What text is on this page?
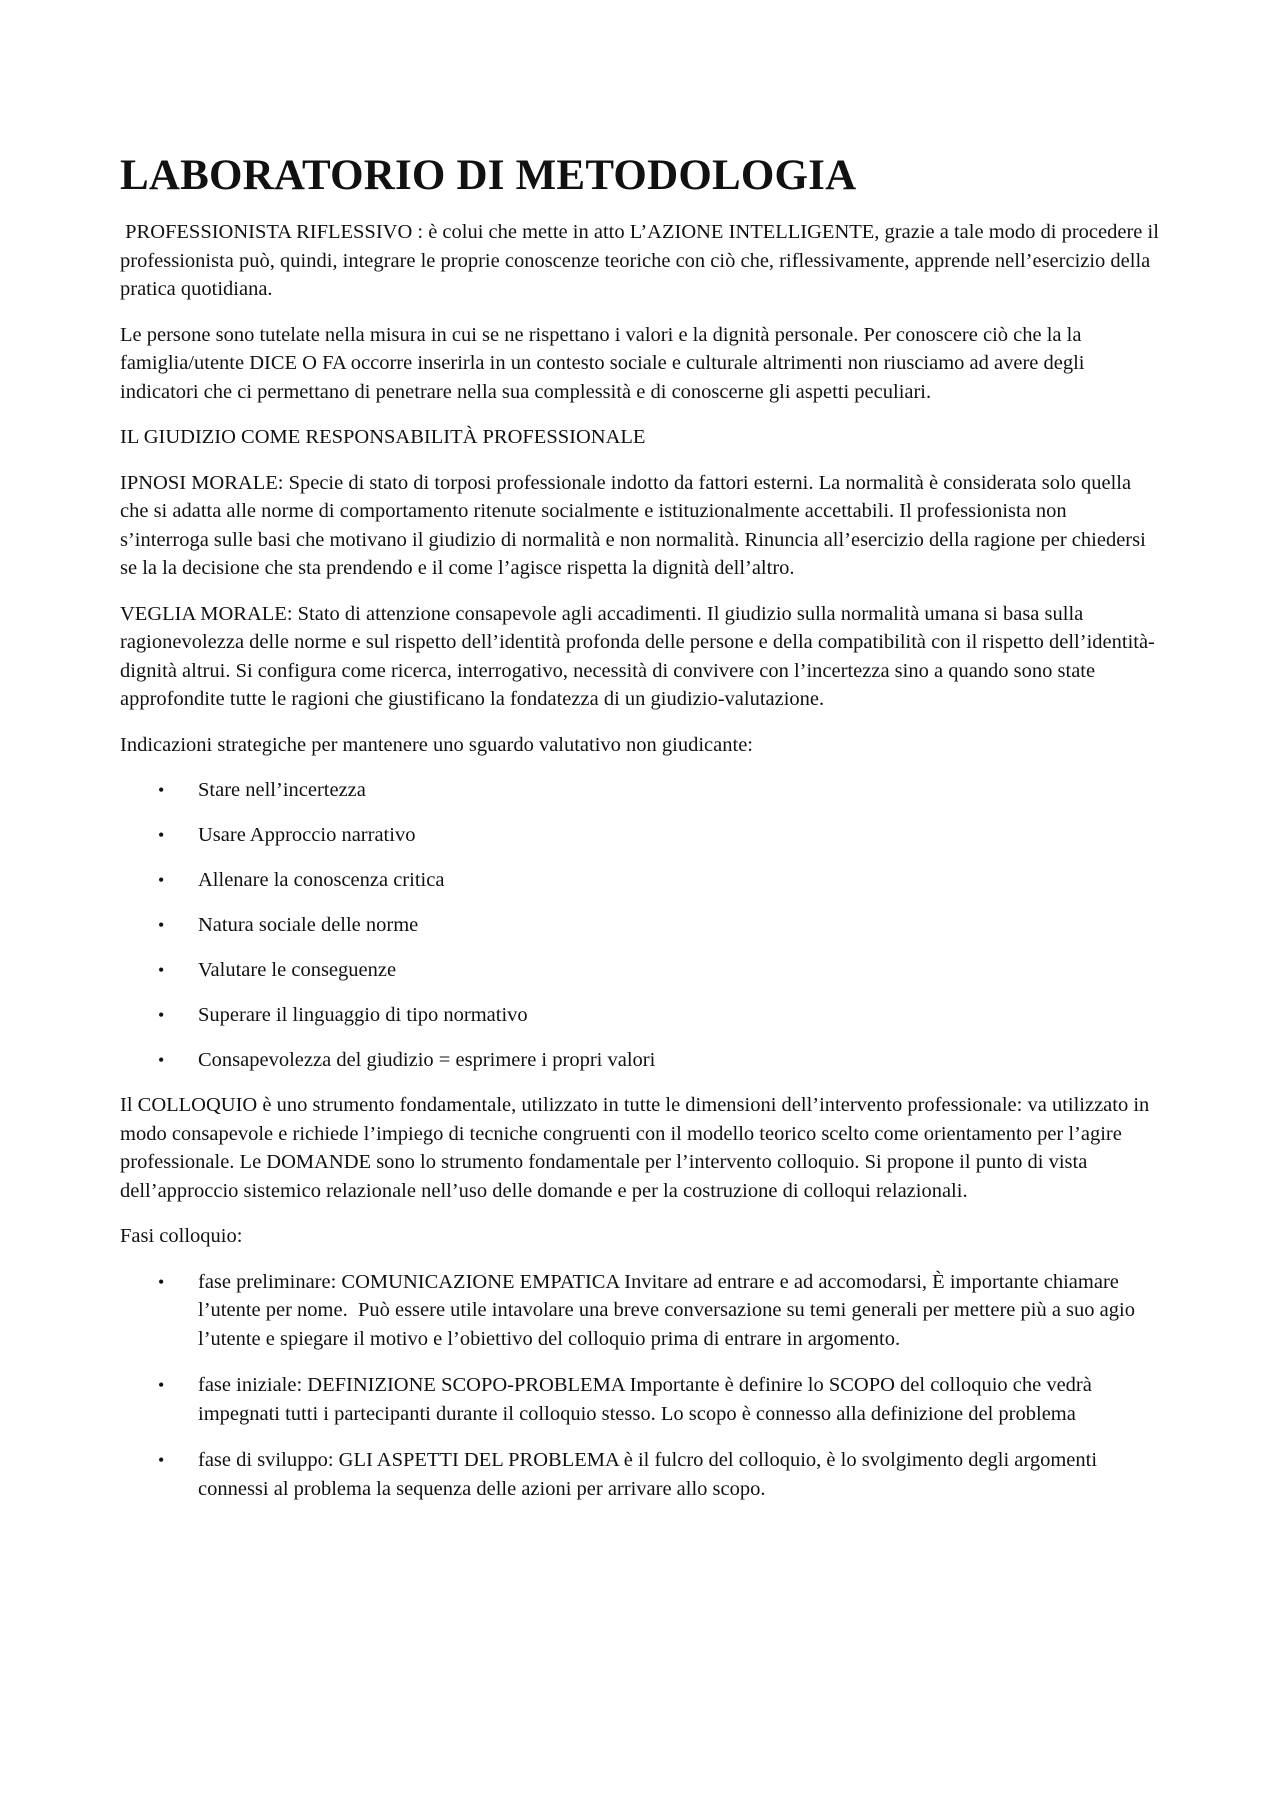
LABORATORIO DI METODOLOGIA

PROFESSIONISTA RIFLESSIVO : è colui che mette in atto L’AZIONE INTELLIGENTE, grazie a tale modo di procedere il professionista può, quindi, integrare le proprie conoscenze teoriche con ciò che, riflessivamente, apprende nell’esercizio della pratica quotidiana.

Le persone sono tutelate nella misura in cui se ne rispettano i valori e la dignità personale. Per conoscere ciò che la la famiglia/utente DICE O FA occorre inserirla in un contesto sociale e culturale altrimenti non riusciamo ad avere degli indicatori che ci permettano di penetrare nella sua complessità e di conoscerne gli aspetti peculiari.

IL GIUDIZIO COME RESPONSABILITÀ PROFESSIONALE

IPNOSI MORALE: Specie di stato di torposi professionale indotto da fattori esterni. La normalità è considerata solo quella che si adatta alle norme di comportamento ritenute socialmente e istituzionalmente accettabili. Il professionista non s’interroga sulle basi che motivano il giudizio di normalità e non normalità. Rinuncia all’esercizio della ragione per chiedersi se la la decisione che sta prendendo e il come l’agisce rispetta la dignità dell’altro.

VEGLIA MORALE: Stato di attenzione consapevole agli accadimenti. Il giudizio sulla normalità umana si basa sulla ragionevolezza delle norme e sul rispetto dell’identità profonda delle persone e della compatibilità con il rispetto dell’identità-dignità altrui. Si configura come ricerca, interrogativo, necessità di convivere con l’incertezza sino a quando sono state approfondite tutte le ragioni che giustificano la fondatezza di un giudizio-valutazione.

Indicazioni strategiche per mantenere uno sguardo valutativo non giudicante:

• Stare nell’incertezza
• Usare Approccio narrativo
• Allenare la conoscenza critica
• Natura sociale delle norme
• Valutare le conseguenze
• Superare il linguaggio di tipo normativo
• Consapevolezza del giudizio = esprimere i propri valori

Il COLLOQUIO è uno strumento fondamentale, utilizzato in tutte le dimensioni dell’intervento professionale: va utilizzato in modo consapevole e richiede l’impiego di tecniche congruenti con il modello teorico scelto come orientamento per l’agire professionale. Le DOMANDE sono lo strumento fondamentale per l’intervento colloquio. Si propone il punto di vista dell’approccio sistemico relazionale nell’uso delle domande e per la costruzione di colloqui relazionali.

Fasi colloquio:

• fase preliminare: COMUNICAZIONE EMPATICA Invitare ad entrare e ad accomodarsi, È importante chiamare l’utente per nome.  Può essere utile intavolare una breve conversazione su temi generali per mettere più a suo agio l’utente e spiegare il motivo e l’obiettivo del colloquio prima di entrare in argomento.
• fase iniziale: DEFINIZIONE SCOPO-PROBLEMA Importante è definire lo SCOPO del colloquio che vedrà impegnati tutti i partecipanti durante il colloquio stesso. Lo scopo è connesso alla definizione del problema
• fase di sviluppo: GLI ASPETTI DEL PROBLEMA è il fulcro del colloquio, è lo svolgimento degli argomenti connessi al problema la sequenza delle azioni per arrivare allo scopo.
